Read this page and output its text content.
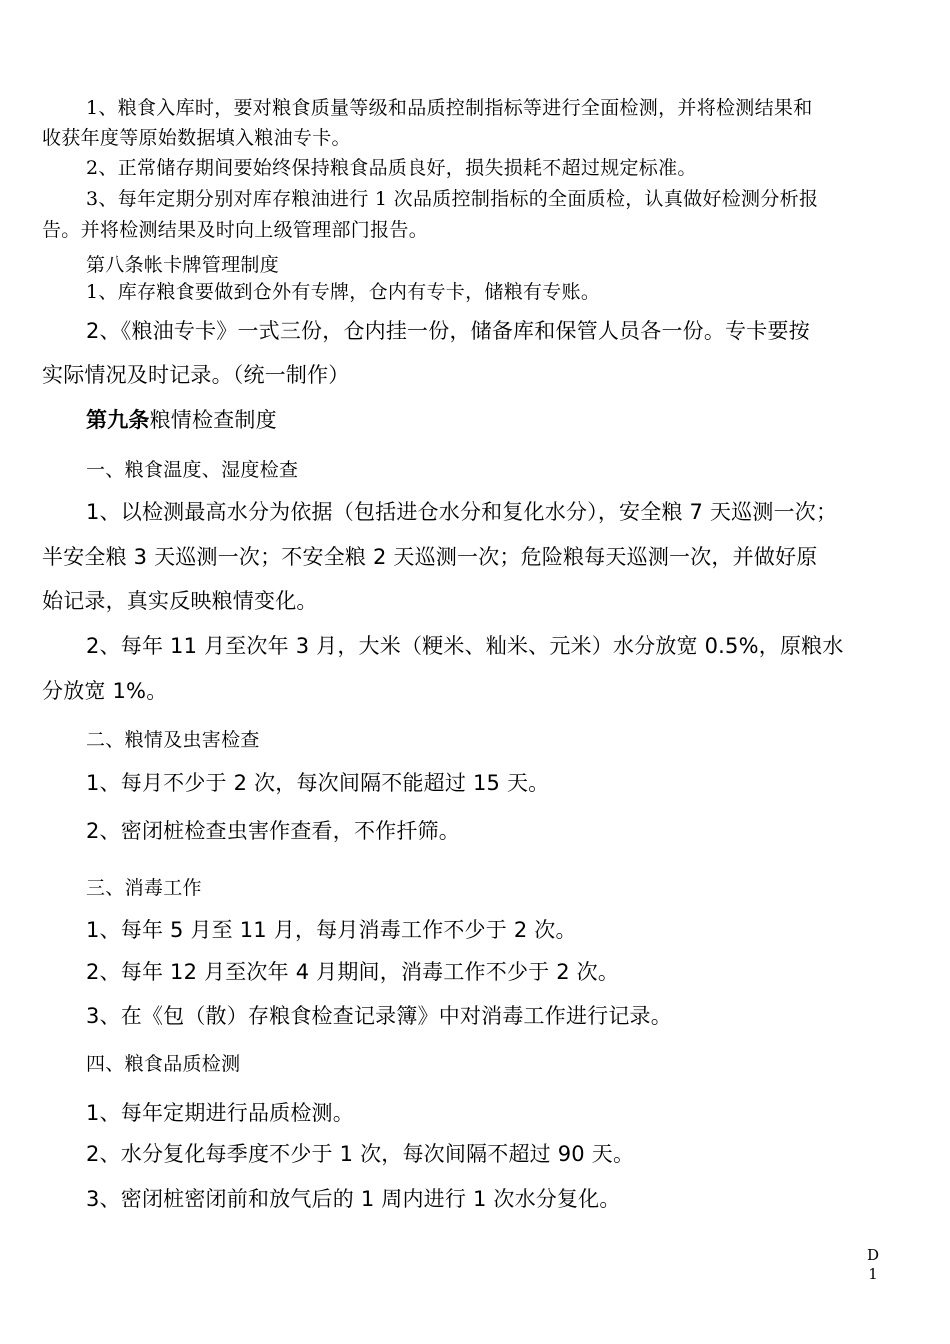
1、粮食入库时，要对粮食质量等级和品质控制指标等进行全面检测，并将检测结果和

收获年度等原始数据填入粮油专卡。

2、正常储存期间要始终保持粮食品质良好，损失损耗不超过规定标准。

3、每年定期分别对库存粮油进行 1 次品质控制指标的全面质检，认真做好检测分析报

告。并将检测结果及时向上级管理部门报告。

第八条帐卡牌管理制度

1、库存粮食要做到仓外有专牌，仓内有专卡，储粮有专账。

2、《粮油专卡》一式三份，仓内挂一份，储备库和保管人员各一份。专卡要按

实际情况及时记录。（统一制作）

第九条粮情检查制度

一、粮食温度、湿度检查

1、以检测最高水分为依据（包括进仓水分和复化水分），安全粮 7 天巡测一次；

半安全粮 3 天巡测一次；不安全粮 2 天巡测一次；危险粮每天巡测一次，并做好原

始记录，真实反映粮情变化。

2、每年 11 月至次年 3 月，大米（粳米、籼米、元米）水分放宽 0.5%，原粮水

分放宽 1%。

二、粮情及虫害检查

1、每月不少于 2 次，每次间隔不能超过 15 天。

2、密闭桩检查虫害作查看，不作扦筛。

三、消毒工作

1、每年 5 月至 11 月，每月消毒工作不少于 2 次。

2、每年 12 月至次年 4 月期间，消毒工作不少于 2 次。

3、在《包（散）存粮食检查记录簿》中对消毒工作进行记录。

四、粮食品质检测

1、每年定期进行品质检测。

2、水分复化每季度不少于 1 次，每次间隔不超过 90 天。

3、密闭桩密闭前和放气后的 1 周内进行 1 次水分复化。

D
1
